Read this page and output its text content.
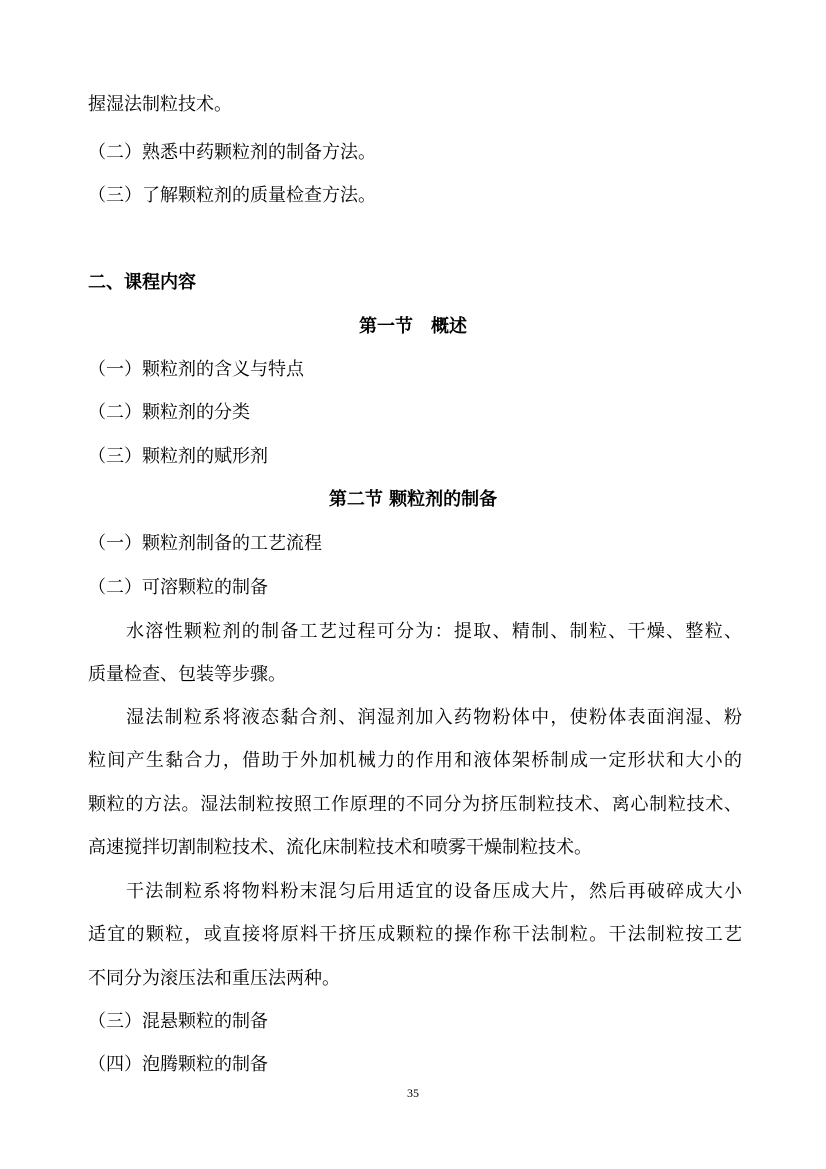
握湿法制粒技术。
（二）熟悉中药颗粒剂的制备方法。
（三）了解颗粒剂的质量检查方法。
二、课程内容
第一节　概述
（一）颗粒剂的含义与特点
（二）颗粒剂的分类
（三）颗粒剂的赋形剂
第二节 颗粒剂的制备
（一）颗粒剂制备的工艺流程
（二）可溶颗粒的制备
水溶性颗粒剂的制备工艺过程可分为：提取、精制、制粒、干燥、整粒、
质量检查、包装等步骤。
湿法制粒系将液态黏合剂、润湿剂加入药物粉体中，使粉体表面润湿、粉
粒间产生黏合力，借助于外加机械力的作用和液体架桥制成一定形状和大小的
颗粒的方法。湿法制粒按照工作原理的不同分为挤压制粒技术、离心制粒技术、
高速搅拌切割制粒技术、流化床制粒技术和喷雾干燥制粒技术。
干法制粒系将物料粉末混匀后用适宜的设备压成大片，然后再破碎成大小
适宜的颗粒，或直接将原料干挤压成颗粒的操作称干法制粒。干法制粒按工艺
不同分为滚压法和重压法两种。
（三）混悬颗粒的制备
（四）泡腾颗粒的制备
35
